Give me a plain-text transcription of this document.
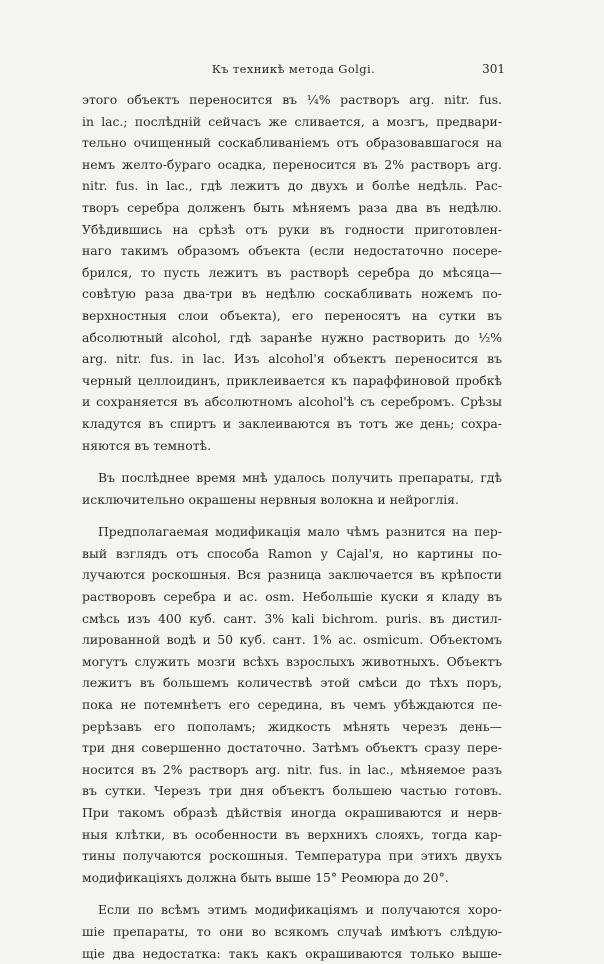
Къ техникѣ метода Golgi.	301
этого объектъ переносится въ ¼% растворъ arg. nitr. fus.
in lac.; послѣдній сейчасъ же сливается, а мозгъ, предвари-
тельно очищенный соскабливаніемъ отъ образовавшагося на
немъ желто-бураго осадка, переносится въ 2% растворъ arg.
nitr. fus. in lac., гдѣ лежитъ до двухъ и болѣе недѣль. Рас-
творъ серебра долженъ быть мѣняемъ раза два въ недѣлю.
Убѣдившись на срѣзѣ отъ руки въ годности приготовлен-
наго такимъ образомъ объекта (если недостаточно посере-
брился, то пусть лежитъ въ растворѣ серебра до мѣсяца—
совѣтую раза два-три въ недѣлю соскабливать ножемъ по-
верхностныя слои объекта), его переносятъ на сутки въ
абсолютный alcohol, гдѣ заранѣе нужно растворить до ½%
arg. nitr. fus. in lac. Изъ alcohol'я объектъ переносится въ
черный целлоидинъ, приклеивается къ параффиновой пробкѣ
и сохраняется въ абсолютномъ alcohol'ѣ съ серебромъ. Срѣзы
кладутся въ спиртъ и заклеиваются въ тотъ же день; сохра-
няются въ темнотѣ.
Въ послѣднее время мнѣ удалось получить препараты, гдѣ
исключительно окрашены нервныя волокна и нейроглія.
Предполагаемая модификація мало чѣмъ разнится на пер-
вый взглядъ отъ способа Ramon y Cajal'я, но картины по-
лучаются роскошныя. Вся разница заключается въ крѣпости
растворовъ серебра и ac. osm. Небольшіе куски я кладу въ
смѣсь изъ 400 куб. сант. 3% kali bichrom. puris. въ дистил-
лированной водѣ и 50 куб. сант. 1% ac. osmicum. Объектомъ
могутъ служить мозги всѣхъ взрослыхъ животныхъ. Объектъ
лежитъ въ большемъ количествѣ этой смѣси до тѣхъ поръ,
пока не потемнѣетъ его середина, въ чемъ убѣждаются пе-
рерѣзавъ его пополамъ; жидкость мѣнять черезъ день—
три дня совершенно достаточно. Затѣмъ объектъ сразу пере-
носится въ 2% растворъ arg. nitr. fus. in lac., мѣняемое разъ
въ сутки. Черезъ три дня объектъ большею частью готовъ.
При такомъ образѣ дѣйствія иногда окрашиваются и нерв-
ныя клѣтки, въ особенности въ верхнихъ слояхъ, тогда кар-
тины получаются роскошныя. Температура при этихъ двухъ
модификаціяхъ должна быть выше 15° Реомюра до 20°.
Если по всѣмъ этимъ модификаціямъ и получаются хоро-
шіе препараты, то они во всякомъ случаѣ имѣютъ слѣдую-
щіе два недостатка: такъ какъ окрашиваются только выше-
